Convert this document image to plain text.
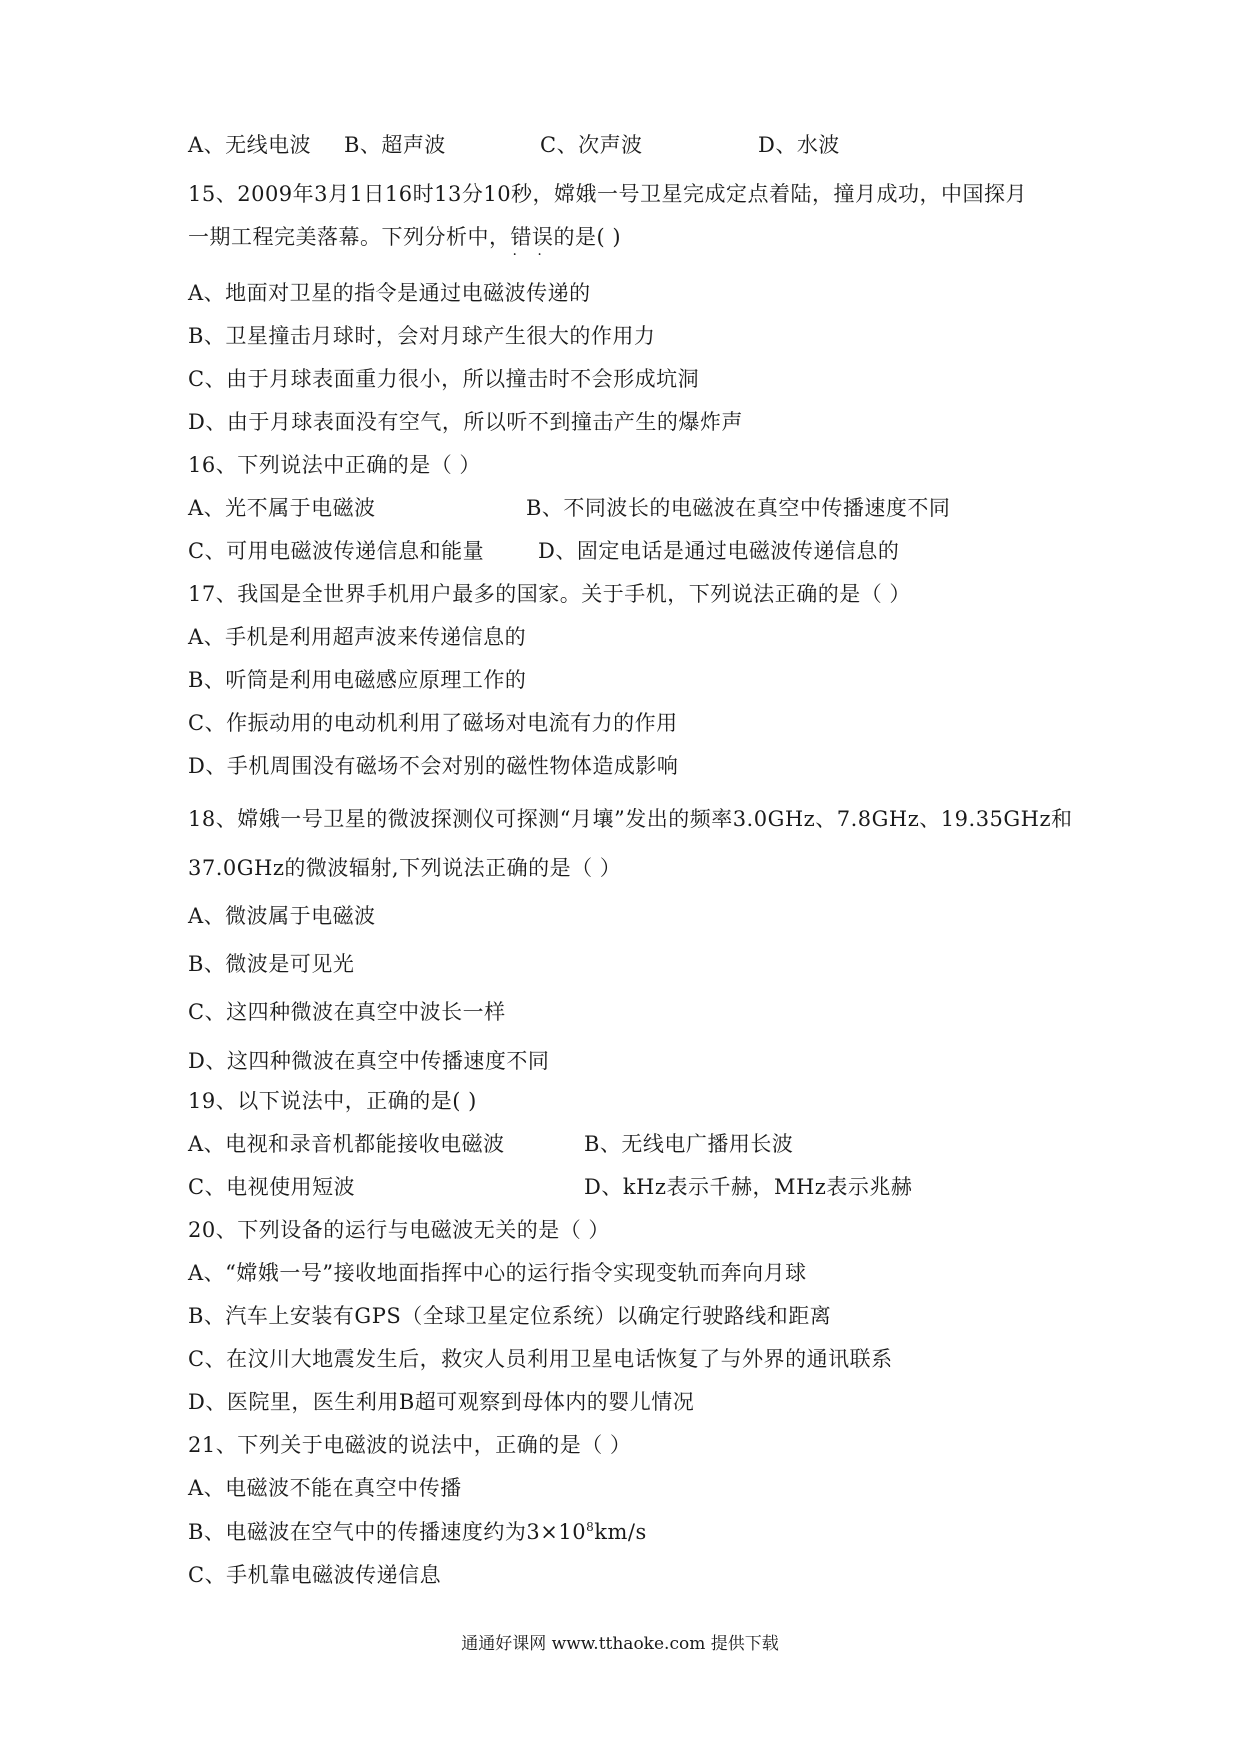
A、无线电波 B、超声波	C、次声波	D、水波
15、2009年3月1日16时13分10秒，嫦娥一号卫星完成定点着陆，撞月成功，中国探月
一期工程完美落幕。下列分析中，错误 · ·的是( )
A、地面对卫星的指令是通过电磁波传递的
B、卫星撞击月球时，会对月球产生很大的作用力
C、由于月球表面重力很小，所以撞击时不会形成坑洞
D、由于月球表面没有空气，所以听不到撞击产生的爆炸声
16、下列说法中正确的是（ ）
A、光不属于电磁波	B、不同波长的电磁波在真空中传播速度不同
C、可用电磁波传递信息和能量	D、固定电话是通过电磁波传递信息的
17、我国是全世界手机用户最多的国家。关于手机，下列说法正确的是（ ）
A、手机是利用超声波来传递信息的
B、听筒是利用电磁感应原理工作的
C、作振动用的电动机利用了磁场对电流有力的作用
D、手机周围没有磁场不会对别的磁性物体造成影响
18、嫦娥一号卫星的微波探测仪可探测“月壤”发出的频率3.0GHz、7.8GHz、19.35GHz和
37.0GHz的微波辐射,下列说法正确的是（ ）
A、微波属于电磁波
B、微波是可见光
C、这四种微波在真空中波长一样
D、这四种微波在真空中传播速度不同
19、以下说法中，正确的是( )
A、电视和录音机都能接收电磁波	B、无线电广播用长波
C、电视使用短波	D、kHz表示千赫，MHz表示兆赫
20、下列设备的运行与电磁波无关的是（ ）
A、“嫦娥一号”接收地面指挥中心的运行指令实现变轨而奔向月球
B、汽车上安装有GPS（全球卫星定位系统）以确定行驶路线和距离
C、在汶川大地震发生后，救灾人员利用卫星电话恢复了与外界的通讯联系
D、医院里，医生利用B超可观察到母体内的婴儿情况
21、下列关于电磁波的说法中，正确的是（ ）
A、电磁波不能在真空中传播
B、电磁波在空气中的传播速度约为$3\times 10^8km/s$
C、手机靠电磁波传递信息
通通好课网 www.tthaoke.com 提供下载
